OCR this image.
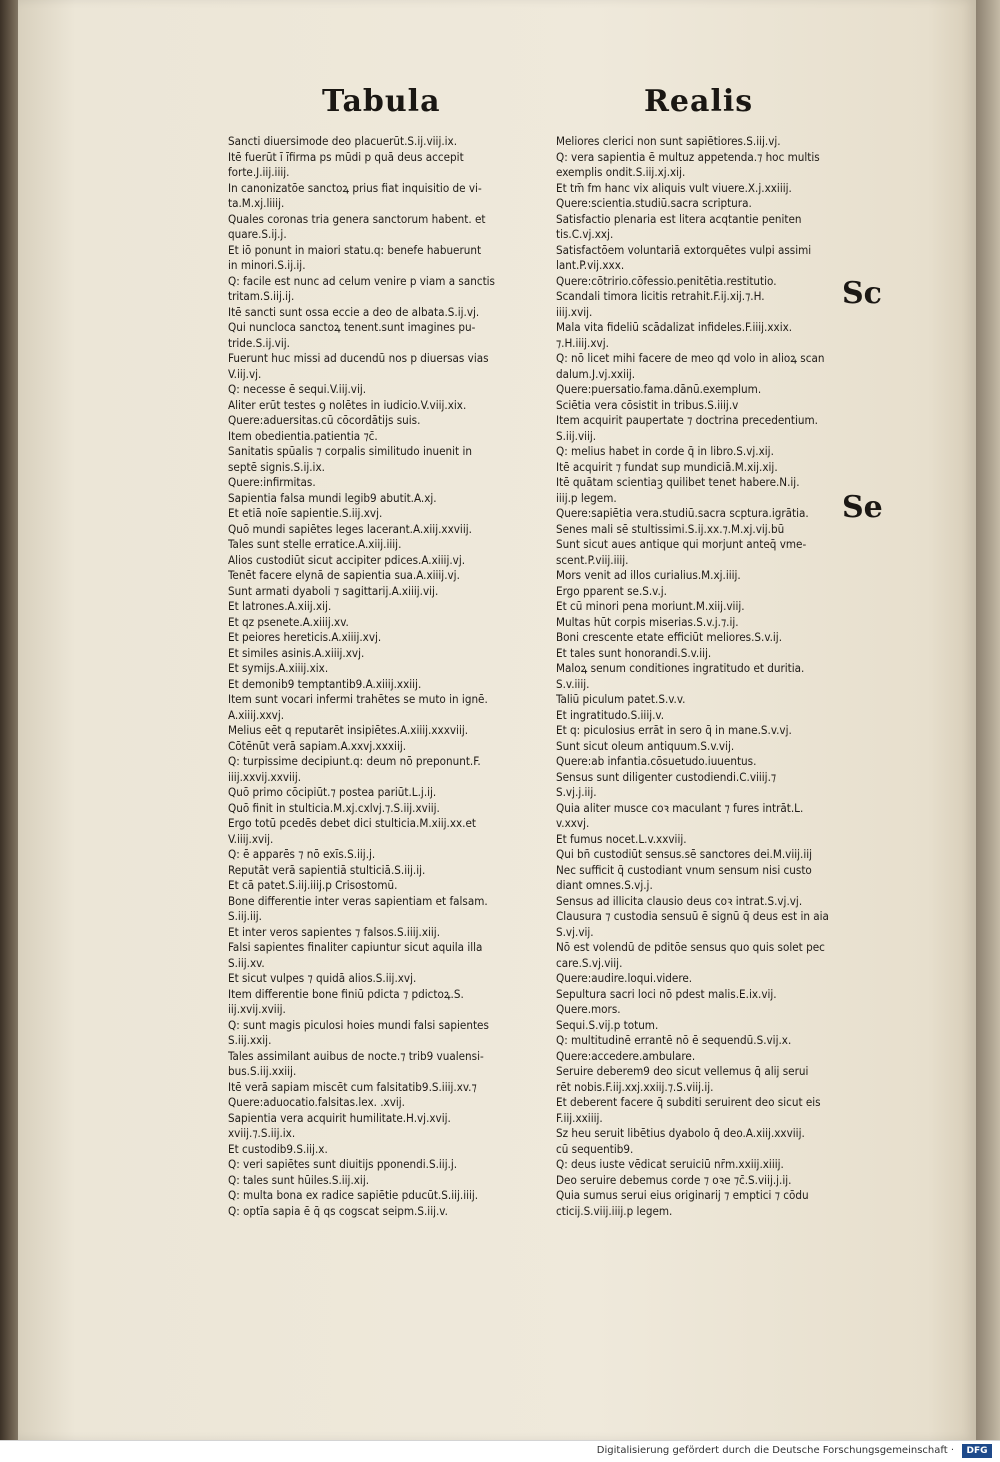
Tabula	Realis
Sancti diuersimode deo placuerūt.S.ij.viij.ix.
Itē fuerūt ī īfirma ps mūdi p quā deus accepit
forte.J.iij.iiij.
In canonizatōe sanctoꝝ prius fiat inquisitio de vi-
ta.M.xj.liiij.
Quales coronas tria genera sanctorum habent. et
quare.S.ij.j.
Et iō ponunt in maiori statu.q: benefe habuerunt
in minori.S.ij.ij.
Q: facile est nunc ad celum venire p viam a sanctis
tritam.S.iij.ij.
Itē sancti sunt ossa eccie a deo de albata.S.ij.vj.
Qui nuncloca sanctoꝝ tenent.sunt imagines pu-
tride.S.ij.vij.
Fuerunt huc missi ad ducendū nos p diuersas vias
V.iij.vj.
Q: necesse ē sequi.V.iij.vij.
Aliter erūt testes ꝯ nolētes in iudicio.V.viij.xix.
Quere:aduersitas.cū cōcordātijs suis.
Item obedientia.patientia ⁊c̄.
Sanitatis spūalis ⁊ corpalis similitudo inuenit in
septē signis.S.ij.ix.
Quere:infirmitas.
Sapientia falsa mundi legib9 abutit.A.xj.
Et etiā noīe sapientie.S.iij.xvj.
Quō mundi sapiētes leges lacerant.A.xiij.xxviij.
Tales sunt stelle erratice.A.xiij.iiij.
Alios custodiūt sicut accipiter pdices.A.xiiij.vj.
Tenēt facere elynā de sapientia sua.A.xiiij.vj.
Sunt armati dyaboli ⁊ sagittarij.A.xiiij.vij.
Et latrones.A.xiij.xij.
Et qz psenete.A.xiiij.xv.
Et peiores hereticis.A.xiiij.xvj.
Et similes asinis.A.xiiij.xvj.
Et symijs.A.xiiij.xix.
Et demonib9 temptantib9.A.xiiij.xxiij.
Item sunt vocari infermi trahētes se muto in ignē.
A.xiiij.xxvj.
Melius eēt q reputarēt insipiētes.A.xiiij.xxxviij.
Cōtēnūt verā sapiam.A.xxvj.xxxiij.
Q: turpissime decipiunt.q: deum nō preponunt.F.
iiij.xxvij.xxviij.
Quō primo cōcipiūt.⁊ postea pariūt.L.j.ij.
Quō finit in stulticia.M.xj.cxlvj.⁊.S.iij.xviij.
Ergo totū pcedēs debet dici stulticia.M.xiij.xx.et
V.iiij.xvij.
Q: ē apparēs ⁊ nō exīs.S.iij.j.
Reputāt verā sapientiā stulticiā.S.iij.ij.
Et cā patet.S.iij.iiij.p Crisostomū.
Bone differentie inter veras sapientiam et falsam.
S.iij.iij.
Et inter veros sapientes ⁊ falsos.S.iiij.xiij.
Falsi sapientes finaliter capiuntur sicut aquila illa
S.iij.xv.
Et sicut vulpes ⁊ quidā alios.S.iij.xvj.
Item differentie bone finiū pdicta ⁊ pdictoꝝ.S.
iij.xvij.xviij.
Q: sunt magis piculosi hoies mundi falsi sapientes
S.iij.xxij.
Tales assimilant auibus de nocte.⁊ trib9 vualensi-
bus.S.iij.xxiij.
Itē verā sapiam miscēt cum falsitatib9.S.iiij.xv.⁊
Quere:aduocatio.falsitas.lex. .xvij.
Sapientia vera acquirit humilitate.H.vj.xvij.
xviij.⁊.S.iij.ix.
Et custodib9.S.iij.x.
Q: veri sapiētes sunt diuitijs pponendi.S.iij.j.
Q: tales sunt hūiles.S.iij.xij.
Q: multa bona ex radice sapiētie pducūt.S.iij.iiij.
Q: optīa sapia ē q̄ qs cogscat seipm.S.iij.v.
Meliores clerici non sunt sapiētiores.S.iij.vj.
Q: vera sapientia ē multuz appetenda.⁊ hoc multis
exemplis ondit.S.iij.xj.xij.
Et tm̄ fm hanc vix aliquis vult viuere.X.j.xxiiij.
Quere:scientia.studiū.sacra scriptura.
Satisfactio plenaria est litera acqtantie peniten
tis.C.vj.xxj.
Satisfactōem voluntariā extorquētes vulpi assimi
lant.P.vij.xxx.
Quere:cōtririo.cōfessio.penitētia.restitutio.
Scandali timora licitis retrahit.F.ij.xij.⁊.H.
iiij.xvij.
Mala vita fideliū scādalizat infideles.F.iiij.xxix.
⁊.H.iiij.xvj.
Q: nō licet mihi facere de meo qd volo in alioꝝ scan
dalum.J.vj.xxiij.
Quere:puersatio.fama.dānū.exemplum.
Sciētia vera cōsistit in tribus.S.iiij.v
Item acquirit paupertate ⁊ doctrina precedentium.
S.iij.viij.
Q: melius habet in corde q̄ in libro.S.vj.xij.
Itē acquirit ⁊ fundat sup mundiciā.M.xij.xij.
Itē quātam scientiaꝫ quilibet tenet habere.N.ij.
iiij.p legem.
Quere:sapiētia vera.studiū.sacra scptura.igrātia.
Senes mali sē stultissimi.S.ij.xx.⁊.M.xj.vij.bū
Sunt sicut aues antique qui morjunt anteq̄ vme-
scent.P.viij.iiij.
Mors venit ad illos curialius.M.xj.iiij.
Ergo pparent se.S.v.j.
Et cū minori pena moriunt.M.xiij.viij.
Multas hūt corpis miserias.S.v.j.⁊.ij.
Boni crescente etate efficiūt meliores.S.v.ij.
Et tales sunt honorandi.S.v.iij.
Maloꝝ senum conditiones ingratitudo et duritia.
S.v.iiij.
Taliū piculum patet.S.v.v.
Et ingratitudo.S.iiij.v.
Et q: piculosius errāt in sero q̄ in mane.S.v.vj.
Sunt sicut oleum antiquum.S.v.vij.
Quere:ab infantia.cōsuetudo.iuuentus.
Sensus sunt diligenter custodiendi.C.viiij.⁊
S.vj.j.iij.
Quia aliter musce coꝛ maculant ⁊ fures intrāt.L.
v.xxvj.
Et fumus nocet.L.v.xxviij.
Qui bn̄ custodiūt sensus.sē sanctores dei.M.viij.iij
Nec sufficit q̄ custodiant vnum sensum nisi custo
diant omnes.S.vj.j.
Sensus ad illicita clausio deus coꝛ intrat.S.vj.vj.
Clausura ⁊ custodia sensuū ē signū q̄ deus est in aia
S.vj.vij.
Nō est volendū de pditōe sensus quo quis solet pec
care.S.vj.viij.
Quere:audire.loqui.videre.
Sepultura sacri loci nō pdest malis.E.ix.vij.
Quere.mors.
Sequi.S.vij.p totum.
Q: multitudinē errantē nō ē sequendū.S.vij.x.
Quere:accedere.ambulare.
Seruire deberem9 deo sicut vellemus q̄ alij serui
rēt nobis.F.iij.xxj.xxiij.⁊.S.viij.ij.
Et deberent facere q̄ subditi seruirent deo sicut eis
F.iij.xxiiij.
Sz heu seruit libētius dyabolo q̄ deo.A.xiij.xxviij.
cū sequentib9.
Q: deus iuste vēdicat seruiciū nr̄m.xxiij.xiiij.
Deo seruire debemus corde ⁊ oꝛe ⁊c̄.S.viij.j.ij.
Quia sumus serui eius originarij ⁊ emptici ⁊ cōdu
cticij.S.viij.iiij.p legem.
Sc
Se
Digitalisierung gefördert durch die Deutsche Forschungsgemeinschaft ·	DFG
